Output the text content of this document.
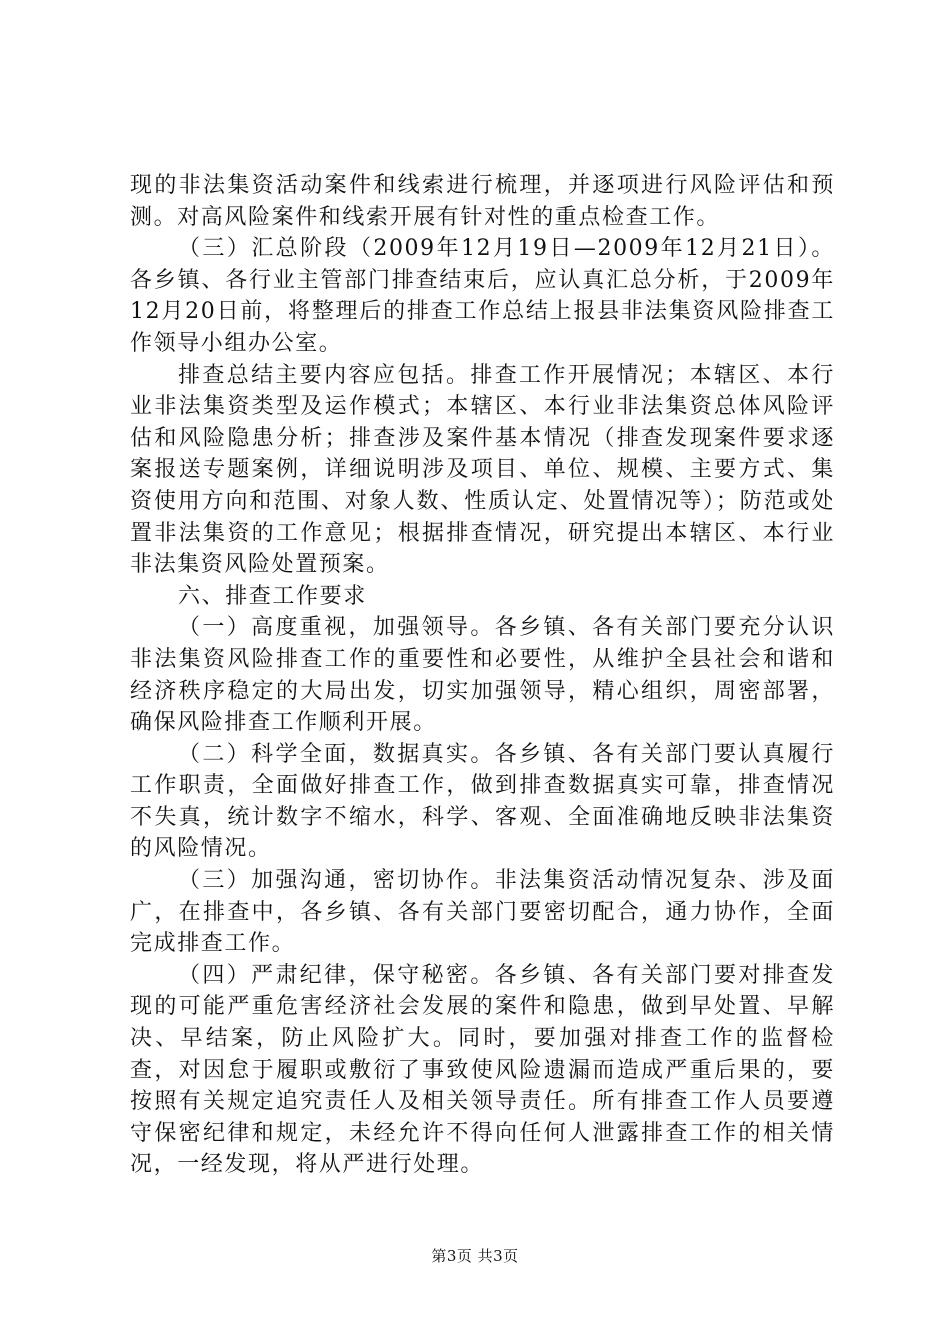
现的非法集资活动案件和线索进行梳理，并逐项进行风险评估和预测。对高风险案件和线索开展有针对性的重点检查工作。

（三）汇总阶段（2009年12月19日—2009年12月21日）。各乡镇、各行业主管部门排查结束后，应认真汇总分析，于2009年12月20日前，将整理后的排查工作总结上报县非法集资风险排查工作领导小组办公室。

排查总结主要内容应包括。排查工作开展情况；本辖区、本行业非法集资类型及运作模式；本辖区、本行业非法集资总体风险评估和风险隐患分析；排查涉及案件基本情况（排查发现案件要求逐案报送专题案例，详细说明涉及项目、单位、规模、主要方式、集资使用方向和范围、对象人数、性质认定、处置情况等）；防范或处置非法集资的工作意见；根据排查情况，研究提出本辖区、本行业非法集资风险处置预案。

六、排查工作要求

（一）高度重视，加强领导。各乡镇、各有关部门要充分认识非法集资风险排查工作的重要性和必要性，从维护全县社会和谐和经济秩序稳定的大局出发，切实加强领导，精心组织，周密部署，确保风险排查工作顺利开展。

（二）科学全面，数据真实。各乡镇、各有关部门要认真履行工作职责，全面做好排查工作，做到排查数据真实可靠，排查情况不失真，统计数字不缩水，科学、客观、全面准确地反映非法集资的风险情况。

（三）加强沟通，密切协作。非法集资活动情况复杂、涉及面广，在排查中，各乡镇、各有关部门要密切配合，通力协作，全面完成排查工作。

（四）严肃纪律，保守秘密。各乡镇、各有关部门要对排查发现的可能严重危害经济社会发展的案件和隐患，做到早处置、早解决、早结案，防止风险扩大。同时，要加强对排查工作的监督检查，对因怠于履职或敷衍了事致使风险遗漏而造成严重后果的，要按照有关规定追究责任人及相关领导责任。所有排查工作人员要遵守保密纪律和规定，未经允许不得向任何人泄露排查工作的相关情况，一经发现，将从严进行处理。

第3页 共3页
